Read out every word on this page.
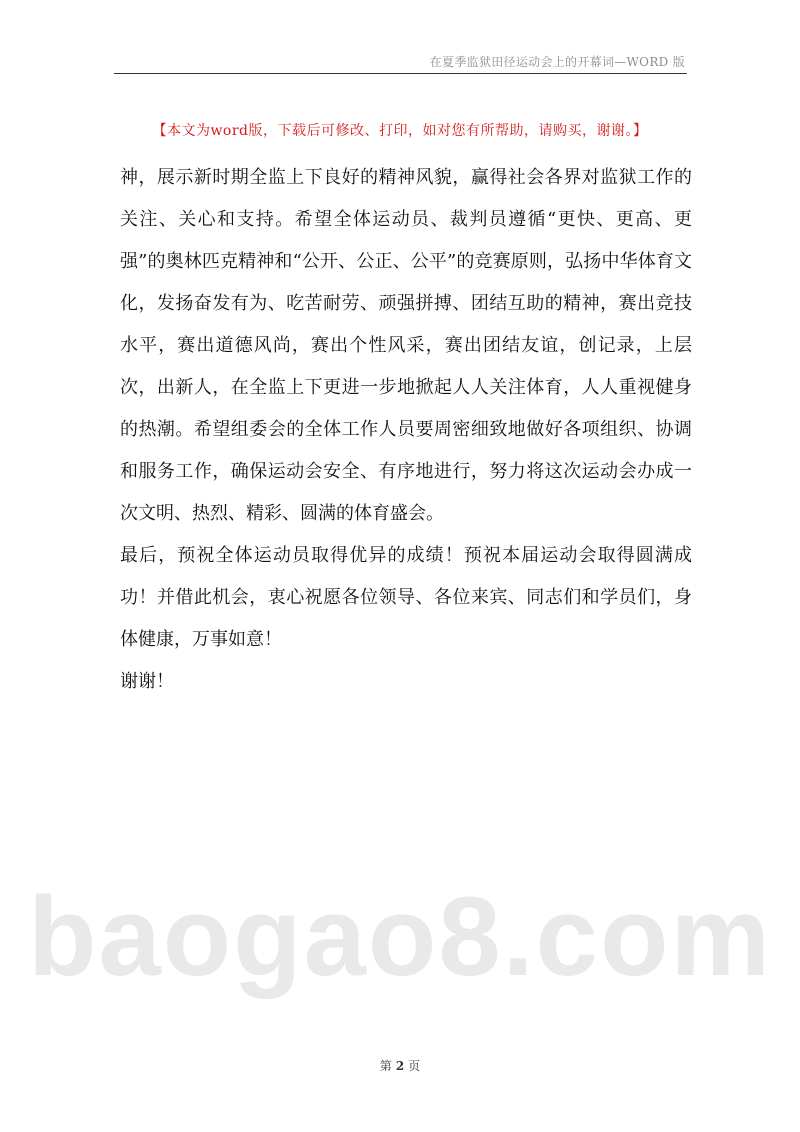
在夏季监狱田径运动会上的开幕词—WORD 版
【本文为word版，下载后可修改、打印，如对您有所帮助，请购买，谢谢。】

神，展示新时期全监上下良好的精神风貌，赢得社会各界对监狱工作的关注、关心和支持。希望全体运动员、裁判员遵循“更快、更高、更强”的奥林匹克精神和“公开、公正、公平”的竞赛原则，弘扬中华体育文化，发扬奋发有为、吃苦耐劳、顽强拼搏、团结互助的精神，赛出竞技水平，赛出道德风尚，赛出个性风采，赛出团结友谊，创记录，上层次，出新人，在全监上下更进一步地掀起人人关注体育，人人重视健身的热潮。希望组委会的全体工作人员要周密细致地做好各项组织、协调和服务工作，确保运动会安全、有序地进行，努力将这次运动会办成一次文明、热烈、精彩、圆满的体育盛会。

最后，预祝全体运动员取得优异的成绩！预祝本届运动会取得圆满成功！并借此机会，衷心祝愿各位领导、各位来宾、同志们和学员们，身体健康，万事如意！

谢谢！

baogao8.com
第 2 页
